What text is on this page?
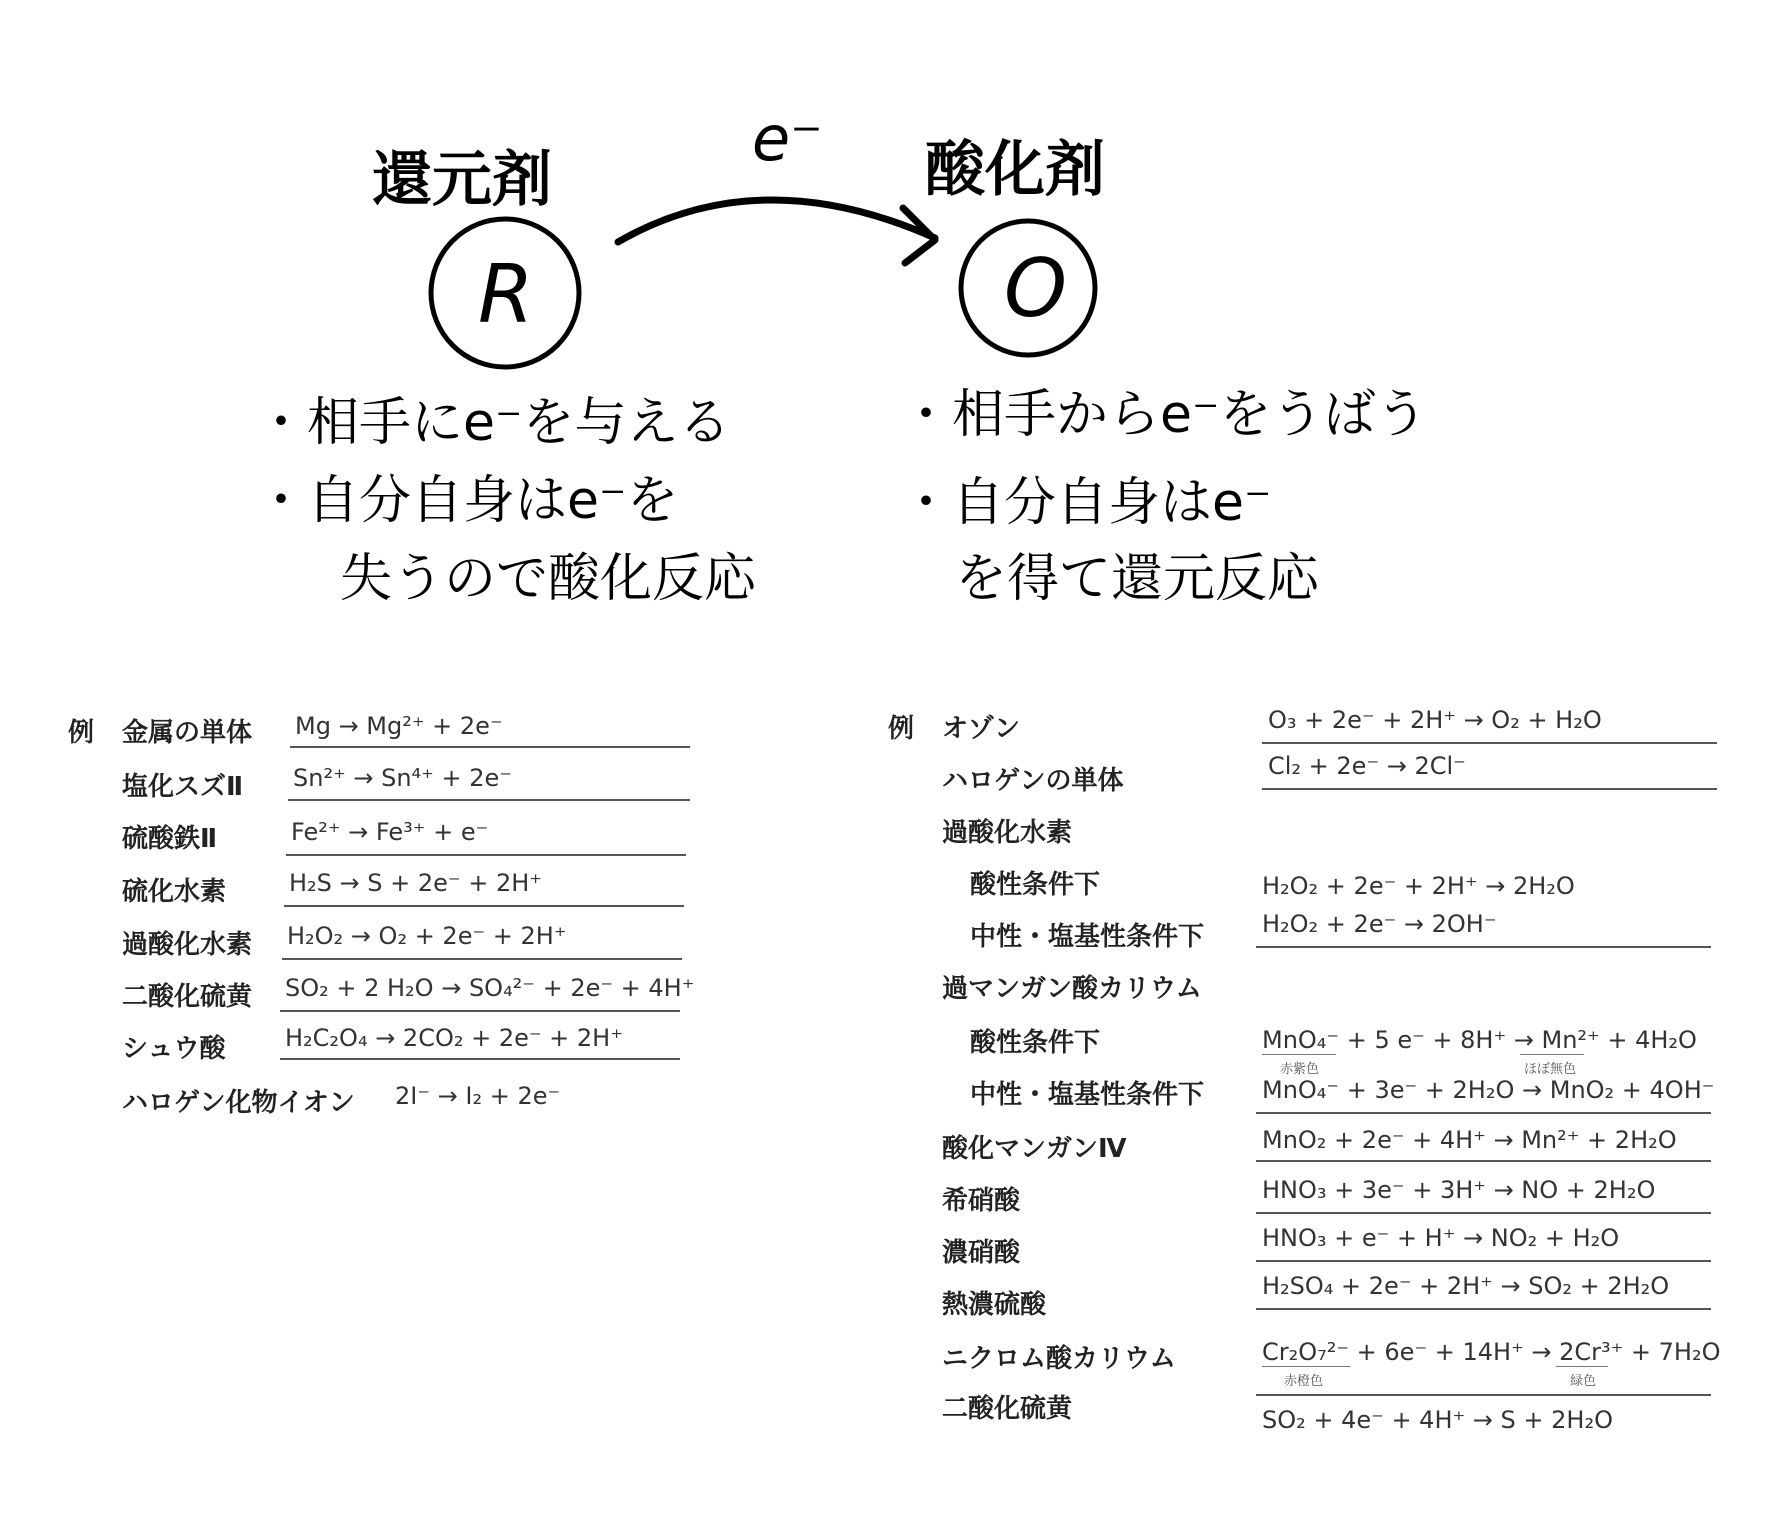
還元剤	酸化剤
e⁻
R	O
・相手にe⁻を与える
・自分自身はe⁻を
失うので酸化反応
・相手からe⁻をうばう
・自分自身はe⁻
を得て還元反応
例 金属の単体 Mg → Mg²⁺ + 2e⁻
塩化スズⅡ Sn²⁺ → Sn⁴⁺ + 2e⁻
硫酸鉄Ⅱ	Fe²⁺ → Fe³⁺ + e⁻
硫化水素	H₂S → S + 2e⁻ + 2H⁺
過酸化水素 H₂O₂ → O₂ + 2e⁻ + 2H⁺
二酸化硫黄 SO₂ + 2 H₂O → SO₄²⁻ + 2e⁻ + 4H⁺
シュウ酸 H₂C₂O₄ → 2CO₂ + 2e⁻ + 2H⁺
ハロゲン化物イオン 2I⁻ → I₂ + 2e⁻
例 オゾン	O₃ + 2e⁻ + 2H⁺ → O₂ + H₂O
ハロゲンの単体	Cl₂ + 2e⁻ → 2Cl⁻
過酸化水素
酸性条件下	H₂O₂ + 2e⁻ + 2H⁺ → 2H₂O
中性・塩基性条件下 H₂O₂ + 2e⁻ → 2OH⁻
過マンガン酸カリウム
酸性条件下	MnO₄⁻ + 5 e⁻ + 8H⁺ → Mn²⁺ + 4H₂O
赤紫色	ほぼ無色
中性・塩基性条件下 MnO₄⁻ + 3e⁻ + 2H₂O → MnO₂ + 4OH⁻
酸化マンガンⅣ	MnO₂ + 2e⁻ + 4H⁺ → Mn²⁺ + 2H₂O
希硝酸	HNO₃ + 3e⁻ + 3H⁺ → NO + 2H₂O
濃硝酸	HNO₃ + e⁻ + H⁺ → NO₂ + H₂O
熱濃硫酸
H₂SO₄ + 2e⁻ + 2H⁺ → SO₂ + 2H₂O
ニクロム酸カリウム	Cr₂O₇²⁻ + 6e⁻ + 14H⁺ → 2Cr³⁺ + 7H₂O
赤橙色	緑色
二酸化硫黄	SO₂ + 4e⁻ + 4H⁺ → S + 2H₂O
